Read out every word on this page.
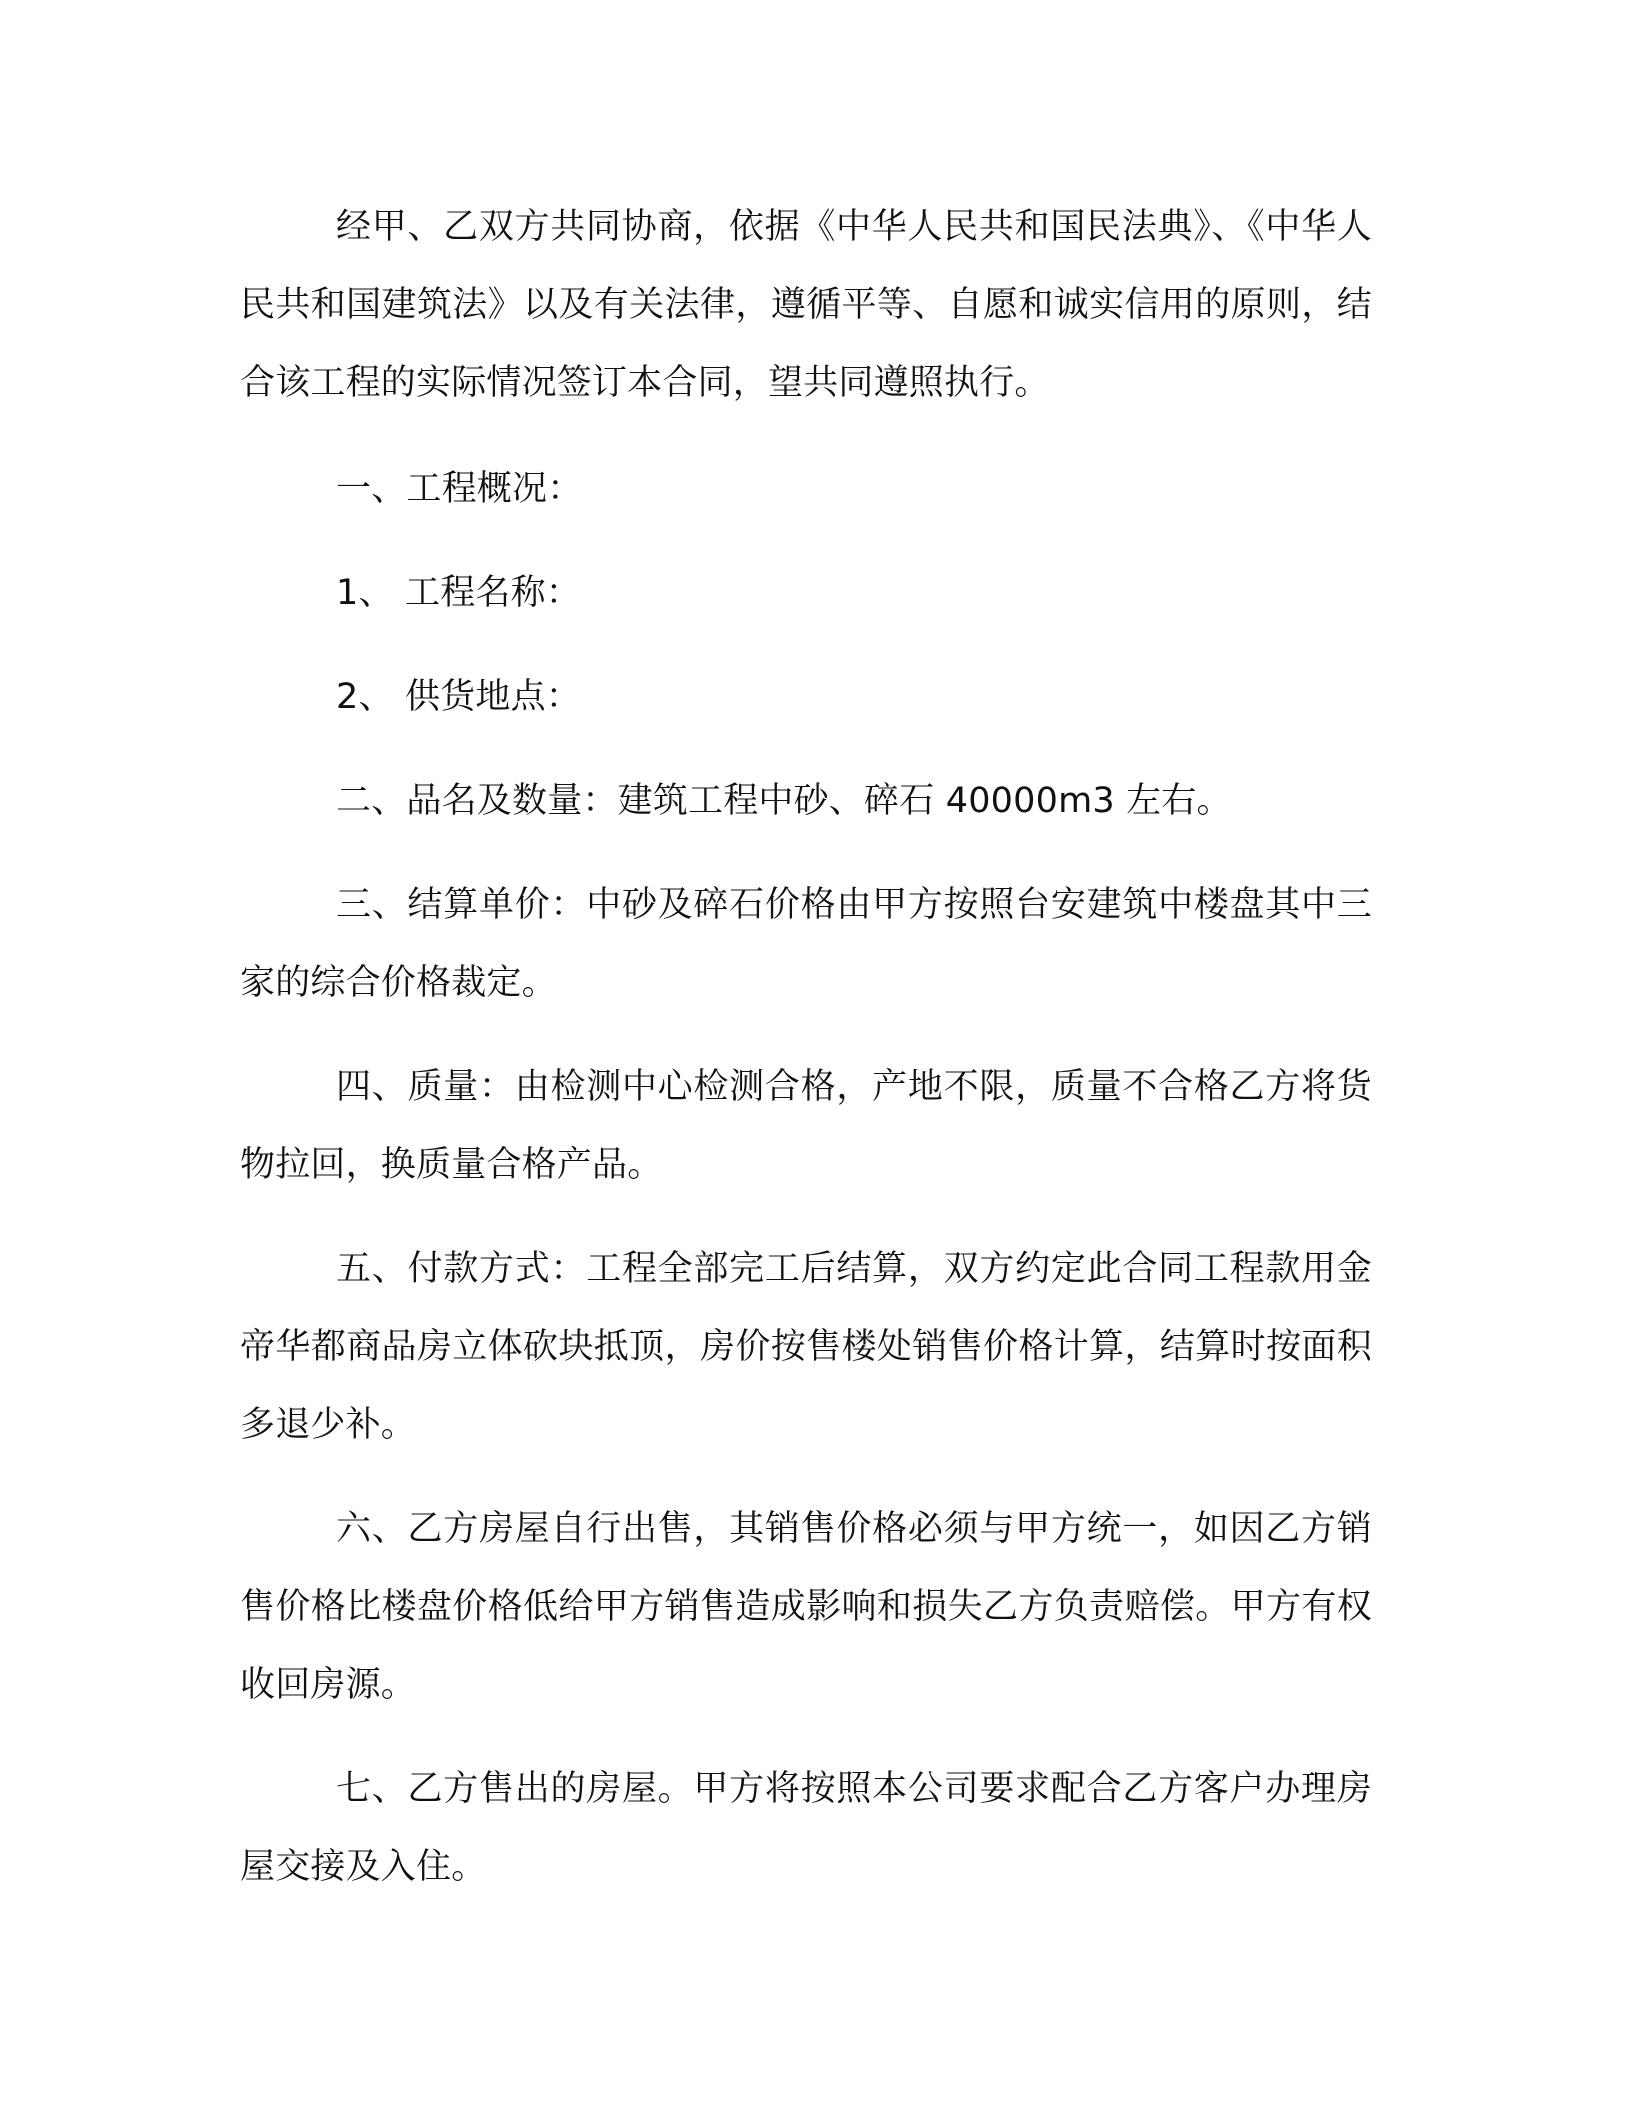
经甲、乙双方共同协商，依据《中华人民共和国民法典》、《中华人民共和国建筑法》以及有关法律，遵循平等、自愿和诚实信用的原则，结合该工程的实际情况签订本合同，望共同遵照执行。

一、工程概况：

1、 工程名称：

2、 供货地点：

二、品名及数量：建筑工程中砂、碎石 40000m3 左右。

三、结算单价：中砂及碎石价格由甲方按照台安建筑中楼盘其中三家的综合价格裁定。

四、质量：由检测中心检测合格，产地不限，质量不合格乙方将货物拉回，换质量合格产品。

五、付款方式：工程全部完工后结算，双方约定此合同工程款用金帝华都商品房立体砍块抵顶，房价按售楼处销售价格计算，结算时按面积多退少补。

六、乙方房屋自行出售，其销售价格必须与甲方统一，如因乙方销售价格比楼盘价格低给甲方销售造成影响和损失乙方负责赔偿。甲方有权收回房源。

七、乙方售出的房屋。甲方将按照本公司要求配合乙方客户办理房屋交接及入住。
